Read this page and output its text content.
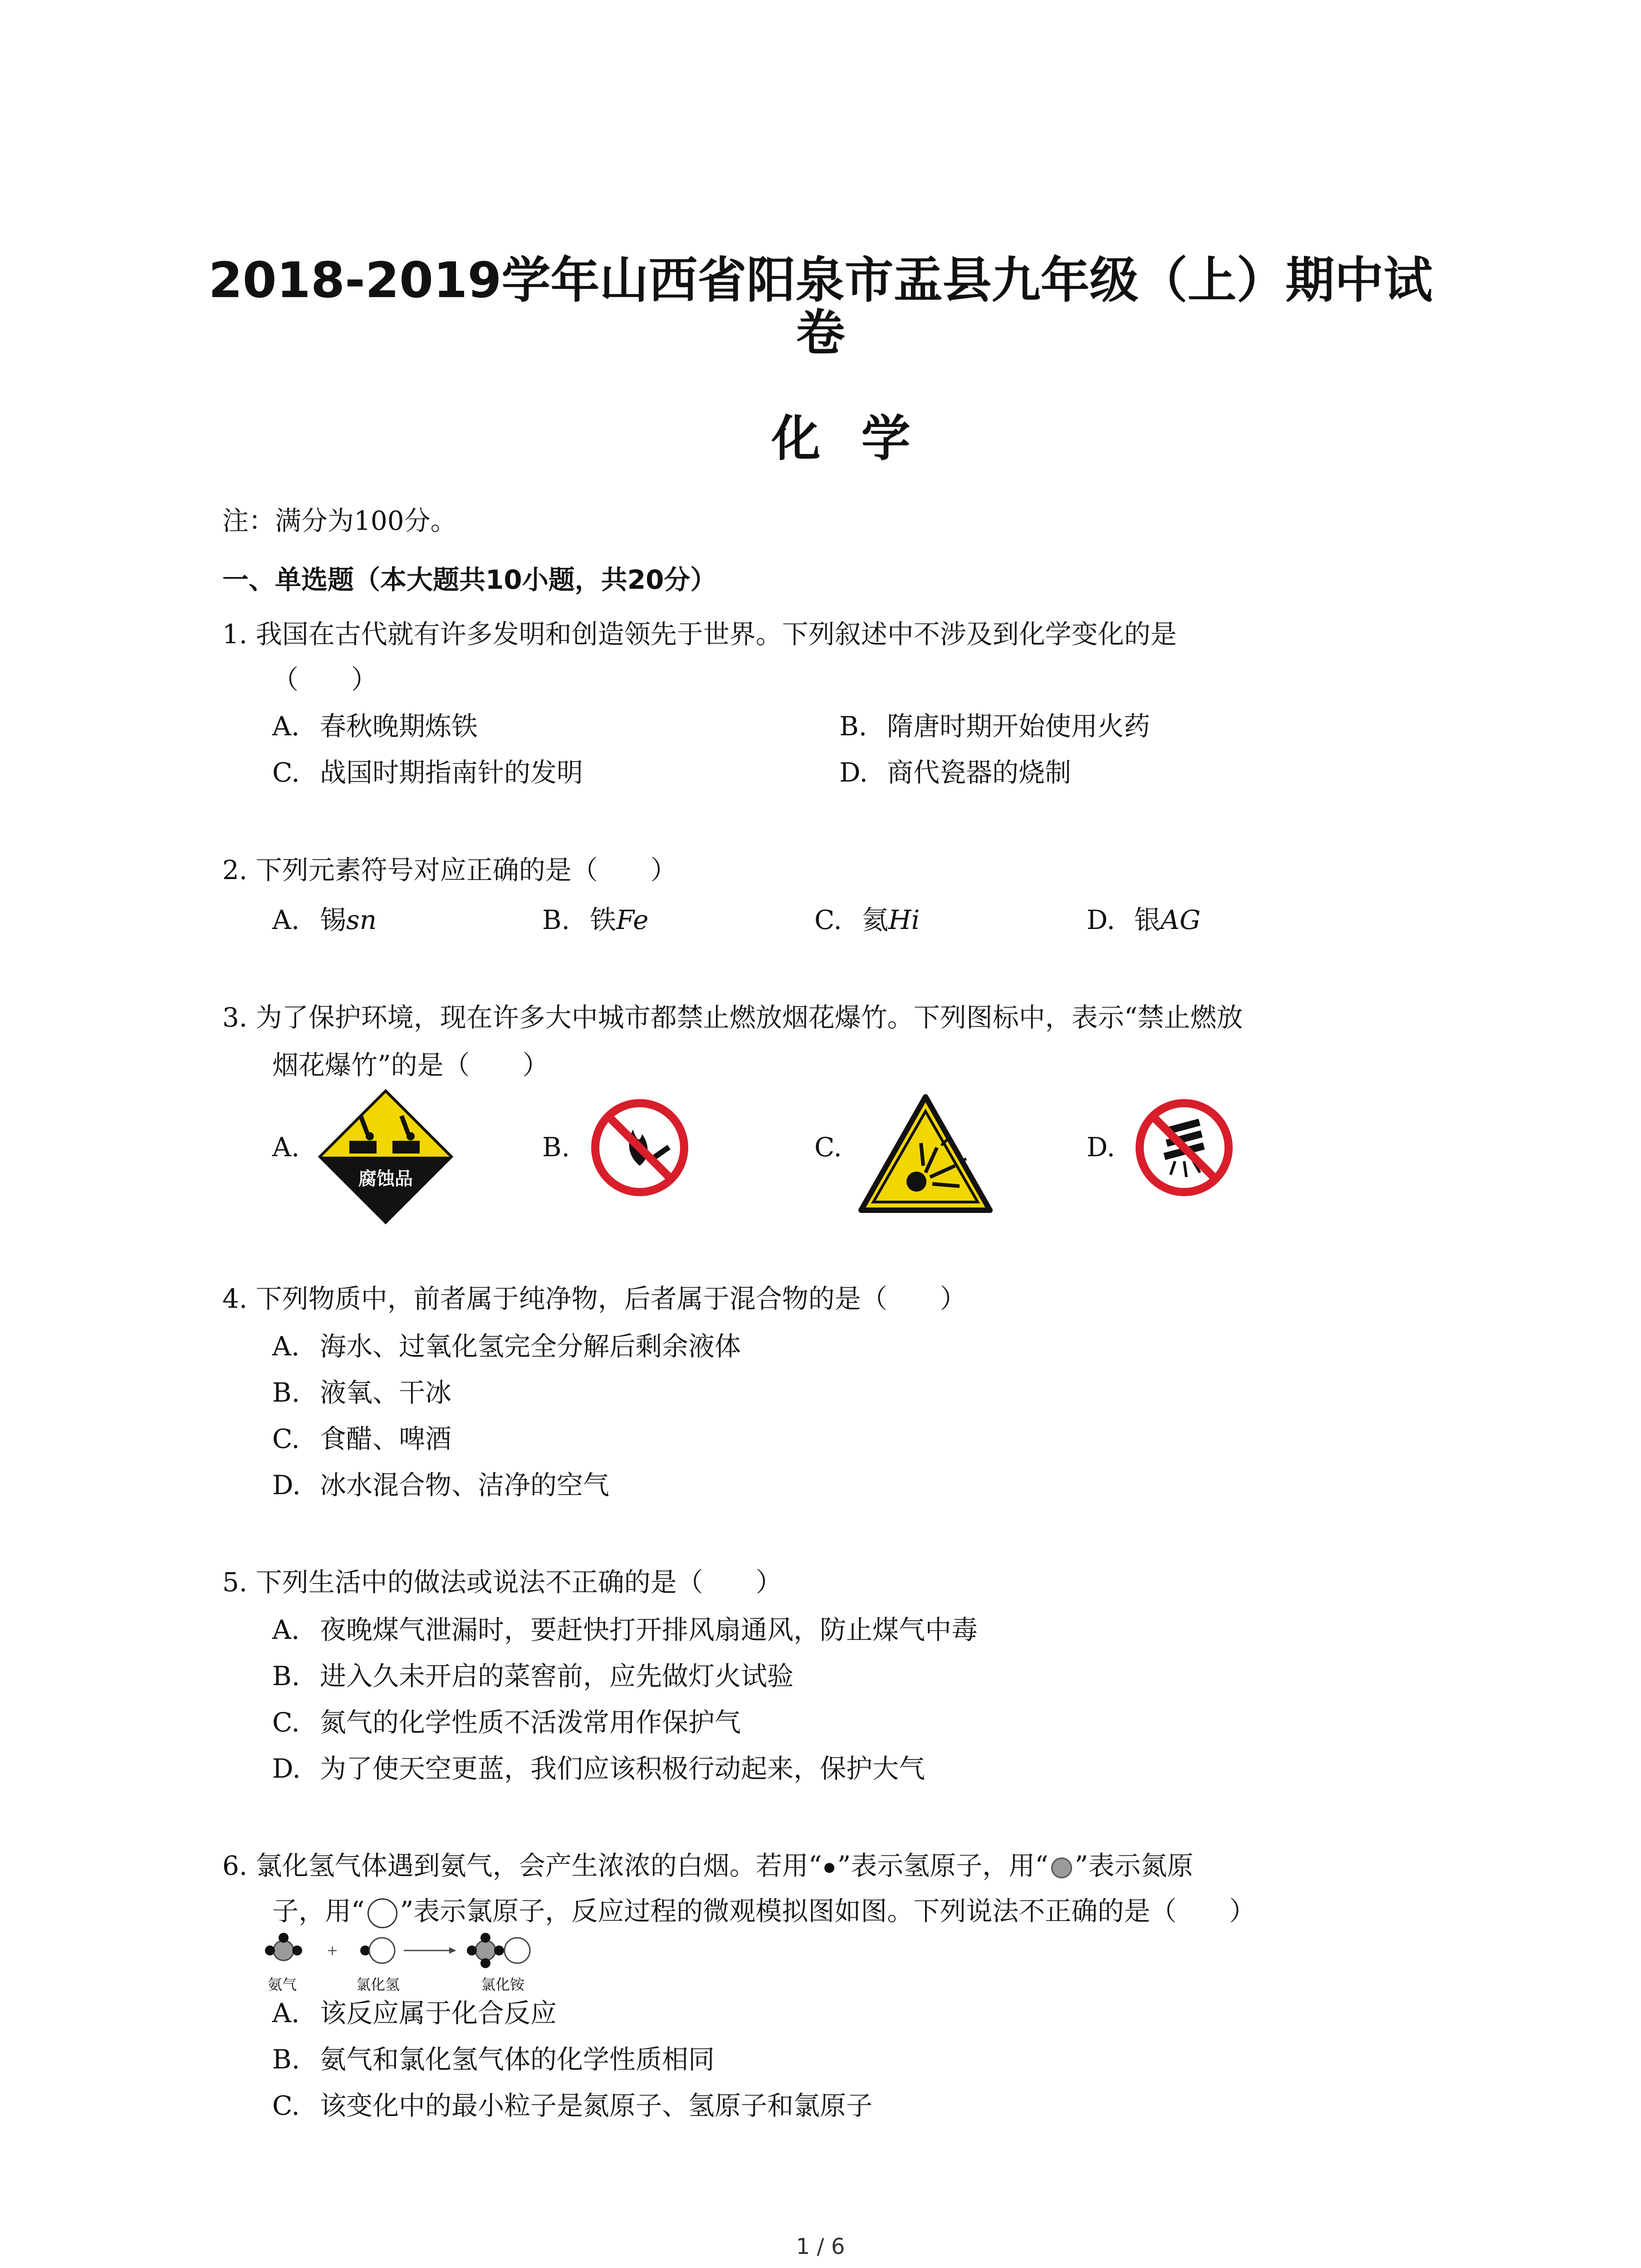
2018-2019学年山西省阳泉市盂县九年级（上）期中试
卷
化学
注：满分为100分。
一、单选题（本大题共10小题，共20分）
1. 我国在古代就有许多发明和创造领先于世界。下列叙述中不涉及到化学变化的是
（　　）
A. 春秋晚期炼铁	B. 隋唐时期开始使用火药
C. 战国时期指南针的发明	D. 商代瓷器的烧制
2. 下列元素符号对应正确的是（　　）
A. 锡sn	B. 铁Fe	C. 氦Hi	D. 银AG
3. 为了保护环境，现在许多大中城市都禁止燃放烟花爆竹。下列图标中，表示“禁止燃放
烟花爆竹”的是（　　）
A.
腐蚀品
B.	C.	D.
4. 下列物质中，前者属于纯净物，后者属于混合物的是（　　）
A. 海水、过氧化氢完全分解后剩余液体
B. 液氧、干冰
C. 食醋、啤酒
D. 冰水混合物、洁净的空气
5. 下列生活中的做法或说法不正确的是（　　）
A. 夜晚煤气泄漏时，要赶快打开排风扇通风，防止煤气中毒
B. 进入久未开启的菜窖前，应先做灯火试验
C. 氮气的化学性质不活泼常用作保护气
D. 为了使天空更蓝，我们应该积极行动起来，保护大气
6. 氯化氢气体遇到氨气，会产生浓浓的白烟。若用“ ”表示氢原子，用“ ”表示氮原
子，用“ ”表示氯原子，反应过程的微观模拟图如图。下列说法不正确的是（　　）
+
氨气	氯化氢	氯化铵
A. 该反应属于化合反应
B. 氨气和氯化氢气体的化学性质相同
C. 该变化中的最小粒子是氮原子、氢原子和氯原子
1 / 6
